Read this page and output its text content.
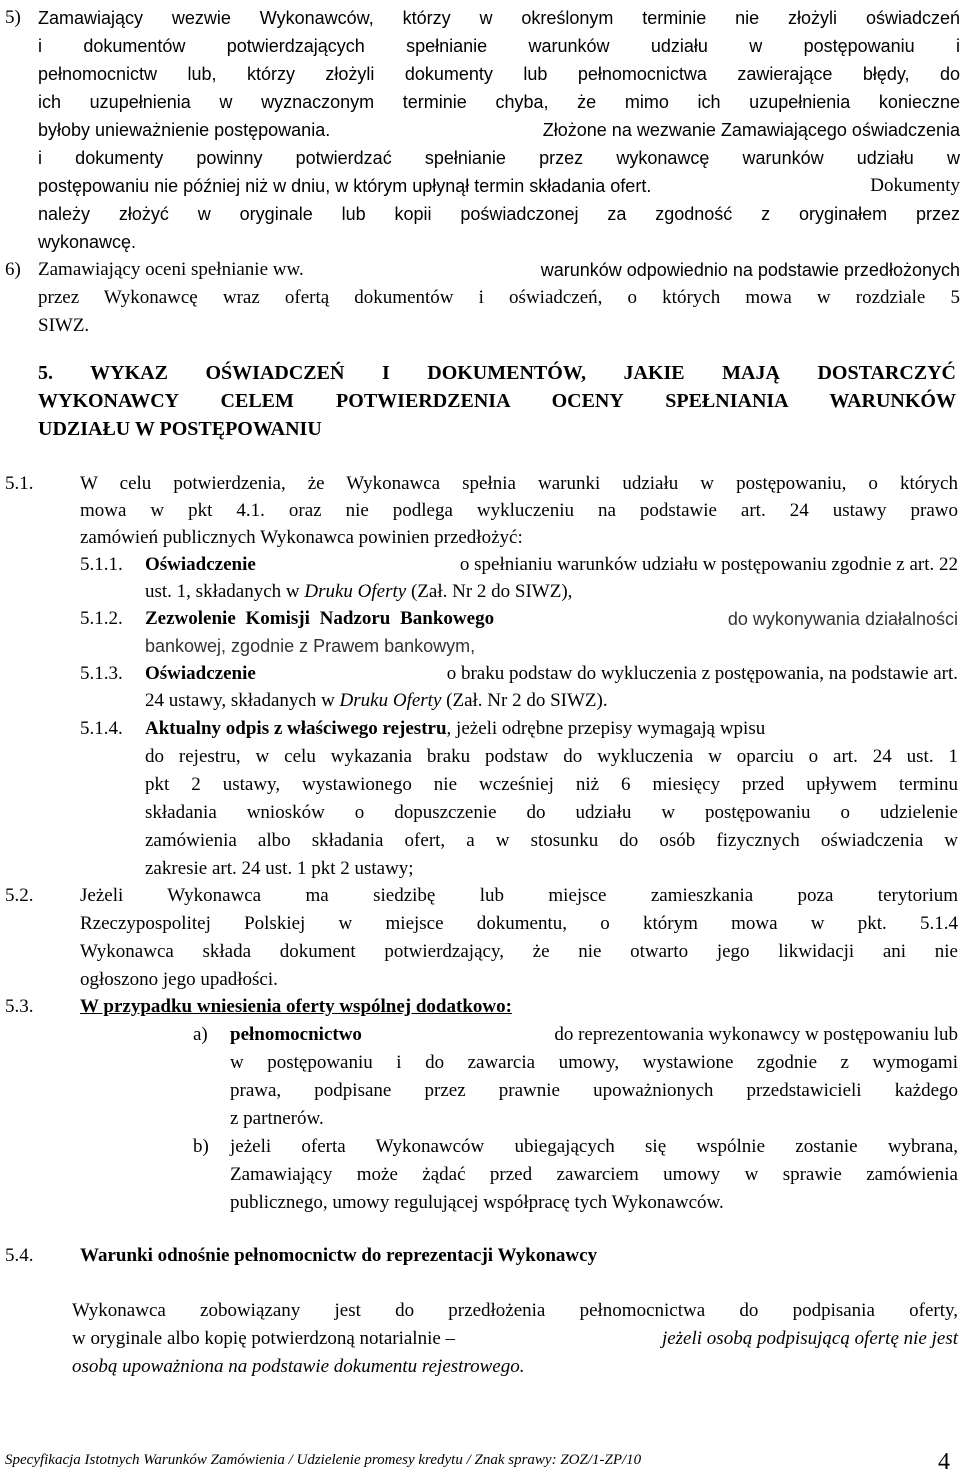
5) Zamawiający wezwie Wykonawców, którzy w określonym terminie nie złożyli oświadczeń
i dokumentów potwierdzających spełnianie warunków udziału w postępowaniu i
pełnomocnictw lub, którzy złożyli dokumenty lub pełnomocnictwa zawierające błędy, do
ich uzupełnienia w wyznaczonym terminie chyba, że mimo ich uzupełnienia konieczne
byłoby unieważnienie postępowania.	Złożone na wezwanie Zamawiającego oświadczenia
i dokumenty powinny potwierdzać spełnianie przez wykonawcę warunków udziału w
postępowaniu nie później niż w dniu, w którym upłynął termin składania ofert.	Dokumenty
należy złożyć w oryginale lub kopii poświadczonej za zgodność z oryginałem przez
wykonawcę.
6) Zamawiający oceni spełnianie ww.	warunków odpowiednio na podstawie przedłożonych
przez Wykonawcę wraz ofertą dokumentów i oświadczeń, o których mowa w rozdziale 5
SIWZ.
5. WYKAZ OŚWIADCZEŃ I DOKUMENTÓW, JAKIE MAJĄ DOSTARCZYĆ
WYKONAWCY CELEM POTWIERDZENIA OCENY SPEŁNIANIA WARUNKÓW
UDZIAŁU W POSTĘPOWANIU
5.1. W celu potwierdzenia, że Wykonawca spełnia warunki udziału w postępowaniu, o których
mowa w pkt 4.1. oraz nie podlega wykluczeniu na podstawie art. 24 ustawy prawo
zamówień publicznych Wykonawca powinien przedłożyć:
5.1.1. Oświadczenie	o spełnianiu warunków udziału w postępowaniu zgodnie z art. 22
ust. 1, składanych w Druku Oferty (Zał. Nr 2 do SIWZ),
5.1.2. Zezwolenie Komisji Nadzoru Bankowego	do wykonywania działalności
bankowej, zgodnie z Prawem bankowym,
5.1.3. Oświadczenie	o braku podstaw do wykluczenia z postępowania, na podstawie art.
24 ustawy, składanych w Druku Oferty (Zał. Nr 2 do SIWZ).
5.1.4. Aktualny odpis z właściwego rejestru, jeżeli odrębne przepisy wymagają wpisu
do rejestru, w celu wykazania braku podstaw do wykluczenia w oparciu o art. 24 ust. 1
pkt 2 ustawy, wystawionego nie wcześniej niż 6 miesięcy przed upływem terminu
składania wniosków o dopuszczenie do udziału w postępowaniu o udzielenie
zamówienia albo składania ofert, a w stosunku do osób fizycznych oświadczenia w
zakresie art. 24 ust. 1 pkt 2 ustawy;
5.2. Jeżeli Wykonawca ma siedzibę lub miejsce zamieszkania poza terytorium
Rzeczypospolitej Polskiej w miejsce dokumentu, o którym mowa w pkt. 5.1.4
Wykonawca składa dokument potwierdzający, że nie otwarto jego likwidacji ani nie
ogłoszono jego upadłości.
5.3. W przypadku wniesienia oferty wspólnej dodatkowo:
a) pełnomocnictwo	do reprezentowania wykonawcy w postępowaniu lub
w postępowaniu i do zawarcia umowy, wystawione zgodnie z wymogami
prawa, podpisane przez prawnie upoważnionych przedstawicieli każdego
z partnerów.
b) jeżeli oferta Wykonawców ubiegających się wspólnie zostanie wybrana,
Zamawiający może żądać przed zawarciem umowy w sprawie zamówienia
publicznego, umowy regulującej współpracę tych Wykonawców.
5.4. Warunki odnośnie pełnomocnictw do reprezentacji Wykonawcy
Wykonawca zobowiązany jest do przedłożenia pełnomocnictwa do podpisania oferty,
w oryginale albo kopię potwierdzoną notarialnie –	jeżeli osobą podpisującą ofertę nie jest
osobą upoważniona na podstawie dokumentu rejestrowego.
Specyfikacja Istotnych Warunków Zamówienia / Udzielenie promesy kredytu / Znak sprawy: ZOZ/1-ZP/10	4
